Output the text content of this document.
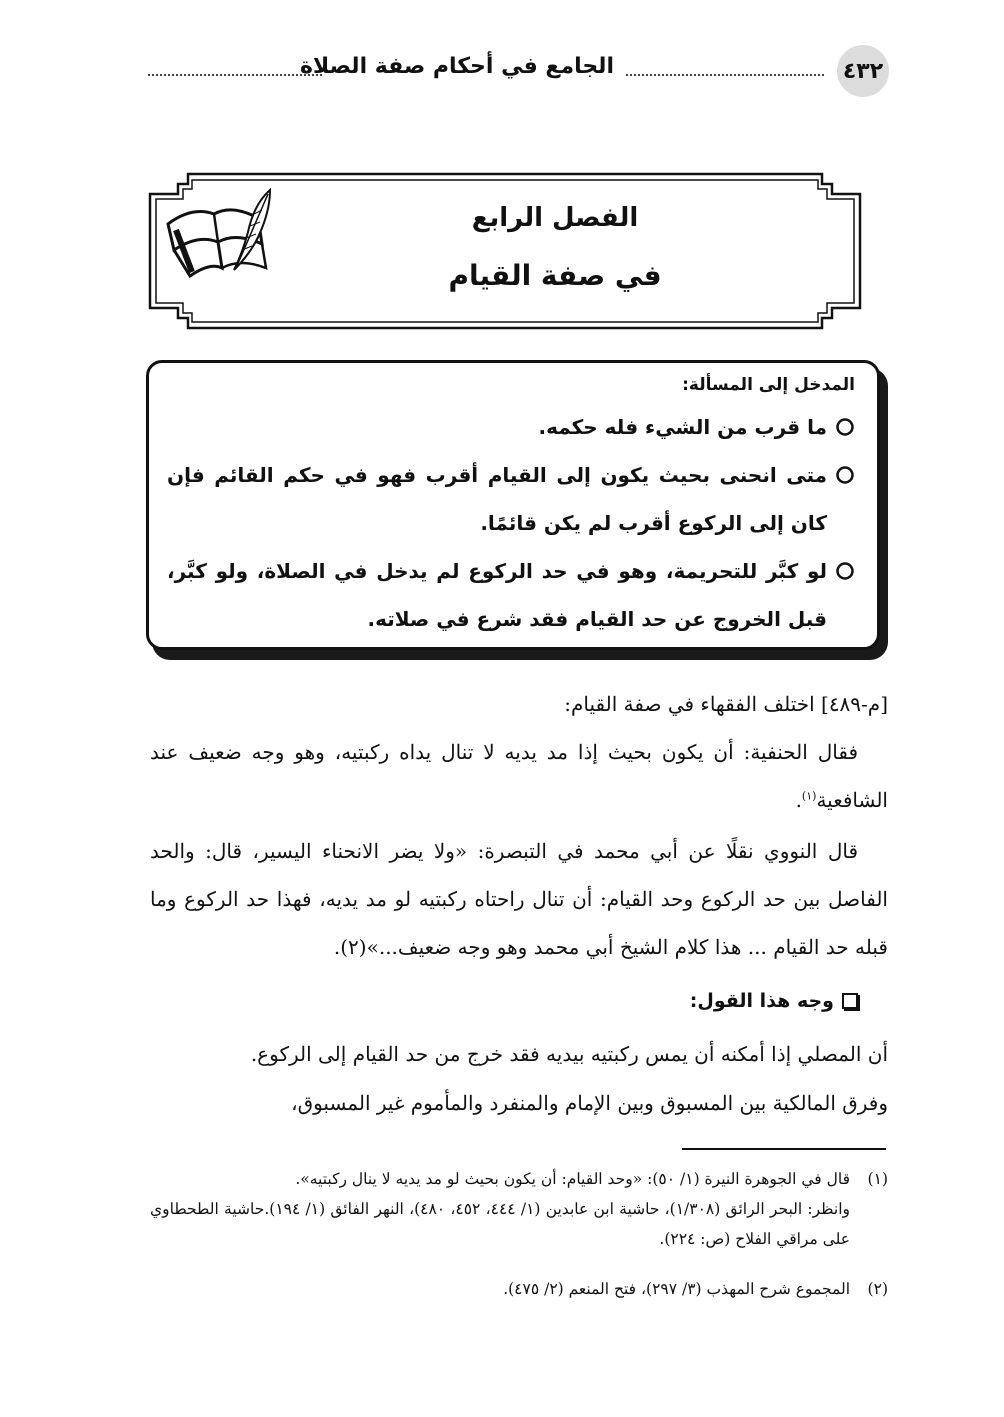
٤٣٢
الجامع في أحكام صفة الصلاة
الفصل الرابع
في صفة القيام
المدخل إلى المسألة:
ما قرب من الشيء فله حكمه.
متى انحنى بحيث يكون إلى القيام أقرب فهو في حكم القائم فإن كان إلى الركوع أقرب لم يكن قائمًا.
لو كبَّر للتحريمة، وهو في حد الركوع لم يدخل في الصلاة، ولو كبَّر، قبل الخروج عن حد القيام فقد شرع في صلاته.
[م-٤٨٩] اختلف الفقهاء في صفة القيام:
فقال الحنفية: أن يكون بحيث إذا مد يديه لا تنال يداه ركبتيه، وهو وجه ضعيف عند الشافعية$^{(١)}$.
قال النووي نقلًا عن أبي محمد في التبصرة: «ولا يضر الانحناء اليسير، قال: والحد الفاصل بين حد الركوع وحد القيام: أن تنال راحتاه ركبتيه لو مد يديه، فهذا حد الركوع وما قبله حد القيام ... هذا كلام الشيخ أبي محمد وهو وجه ضعيف...»(٢).
وجه هذا القول:
أن المصلي إذا أمكنه أن يمس ركبتيه بيديه فقد خرج من حد القيام إلى الركوع.
وفرق المالكية بين المسبوق وبين الإمام والمنفرد والمأموم غير المسبوق،
(١)قال في الجوهرة النيرة (١/ ٥٠): «وحد القيام: أن يكون بحيث لو مد يديه لا ينال ركبتيه».
وانظر: البحر الرائق (١/٣٠٨)، حاشية ابن عابدين (١/ ٤٤٤، ٤٥٢، ٤٨٠)، النهر الفائق (١/ ١٩٤).حاشية الطحطاوي على مراقي الفلاح (ص: ٢٢٤).
(٢)المجموع شرح المهذب (٣/ ٢٩٧)، فتح المنعم (٢/ ٤٧٥).
